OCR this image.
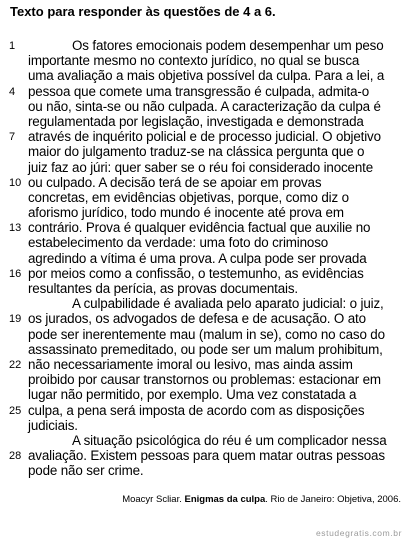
Texto para responder às questões de 4 a 6.
1	Os fatores emocionais podem desempenhar um peso
importante mesmo no contexto jurídico, no qual se busca
uma avaliação a mais objetiva possível da culpa. Para a lei, a
4 pessoa que comete uma transgressão é culpada, admita-o
ou não, sinta-se ou não culpada. A caracterização da culpa é
regulamentada por legislação, investigada e demonstrada
7 através de inquérito policial e de processo judicial. O objetivo
maior do julgamento traduz-se na clássica pergunta que o
juiz faz ao júri: quer saber se o réu foi considerado inocente
10 ou culpado. A decisão terá de se apoiar em provas
concretas, em evidências objetivas, porque, como diz o
aforismo jurídico, todo mundo é inocente até prova em
13 contrário. Prova é qualquer evidência factual que auxilie no
estabelecimento da verdade: uma foto do criminoso
agredindo a vítima é uma prova. A culpa pode ser provada
16 por meios como a confissão, o testemunho, as evidências
resultantes da perícia, as provas documentais.
A culpabilidade é avaliada pelo aparato judicial: o juiz,
19 os jurados, os advogados de defesa e de acusação. O ato
pode ser inerentemente mau (malum in se), como no caso do
assassinato premeditado, ou pode ser um malum prohibitum,
22 não necessariamente imoral ou lesivo, mas ainda assim
proibido por causar transtornos ou problemas: estacionar em
lugar não permitido, por exemplo. Uma vez constatada a
25 culpa, a pena será imposta de acordo com as disposições
judiciais.
A situação psicológica do réu é um complicador nessa
28 avaliação. Existem pessoas para quem matar outras pessoas
pode não ser crime.
Moacyr Scliar. Enigmas da culpa. Rio de Janeiro: Objetiva, 2006.
estudegratis.com.br
